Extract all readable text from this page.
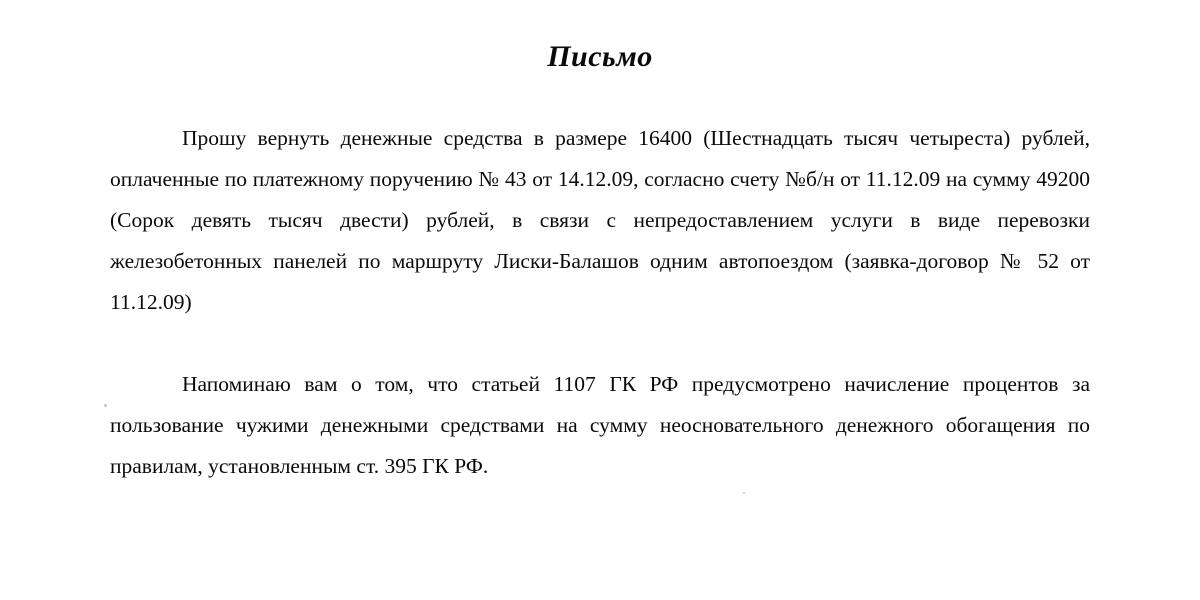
Письмо

Прошу вернуть денежные средства в размере 16400 (Шестнадцать тысяч четыреста) рублей, оплаченные по платежному поручению № 43 от 14.12.09, согласно счету №б/н от 11.12.09 на сумму 49200 (Сорок девять тысяч двести) рублей, в связи с непредоставлением услуги в виде перевозки железобетонных панелей по маршруту Лиски-Балашов одним автопоездом (заявка-договор № 52 от 11.12.09)

Напоминаю вам о том, что статьей 1107 ГК РФ предусмотрено начисление процентов за пользование чужими денежными средствами на сумму неосновательного денежного обогащения по правилам, установленным ст. 395 ГК РФ.
